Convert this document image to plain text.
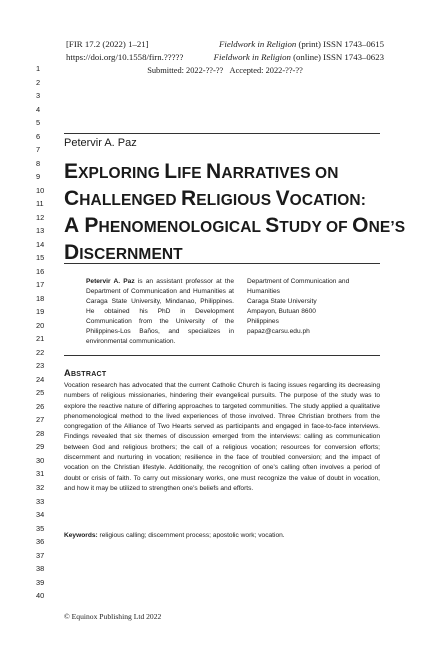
[FIR 17.2 (2022) 1–21]	Fieldwork in Religion (print) ISSN 1743–0615
https://doi.org/10.1558/firn.?????	Fieldwork in Religion (online) ISSN 1743–0623
Submitted: 2022-??-?? Accepted: 2022-??-??
1
2
3
4
5
6
7
8
9
10
11
12
13
14
15
16
17
18
19
20
21
22
23
24
25
26
27
28
29
30
31
32
33
34
35
36
37
38
39
40
Petervir A. Paz
EXPLORING LIFE NARRATIVES ON
CHALLENGED RELIGIOUS VOCATION:
A PHENOMENOLOGICAL STUDY OF ONE’S
DISCERNMENT
Petervir A. Paz is an assistant professor at the Department of Communication and Humanities at Caraga State University, Mindanao, Philippines. He obtained his PhD in Development Communication from the University of the Philippines-Los Baños, and specializes in environmental communication.
Department of Communication and Humanities
Caraga State University
Ampayon, Butuan 8600
Philippines
papaz@carsu.edu.ph
ABSTRACT
Vocation research has advocated that the current Catholic Church is facing issues regarding its decreasing numbers of religious missionaries, hindering their evangelical pursuits. The purpose of the study was to explore the reactive nature of differing approaches to targeted communities. The study applied a qualitative phenomenological method to the lived experiences of those involved. Three Christian brothers from the congregation of the Alliance of Two Hearts served as participants and engaged in face-to-face interviews. Findings revealed that six themes of discussion emerged from the interviews: calling as communication between God and religious brothers; the call of a religious vocation; resources for conversion efforts; discernment and nurturing in vocation; resilience in the face of troubled conversion; and the impact of vocation on the Christian lifestyle. Additionally, the recognition of one’s calling often involves a period of doubt or crisis of faith. To carry out missionary works, one must recognize the value of doubt in vocation, and how it may be utilized to strengthen one’s beliefs and efforts.
Keywords: religious calling; discernment process; apostolic work; vocation.
© Equinox Publishing Ltd 2022
